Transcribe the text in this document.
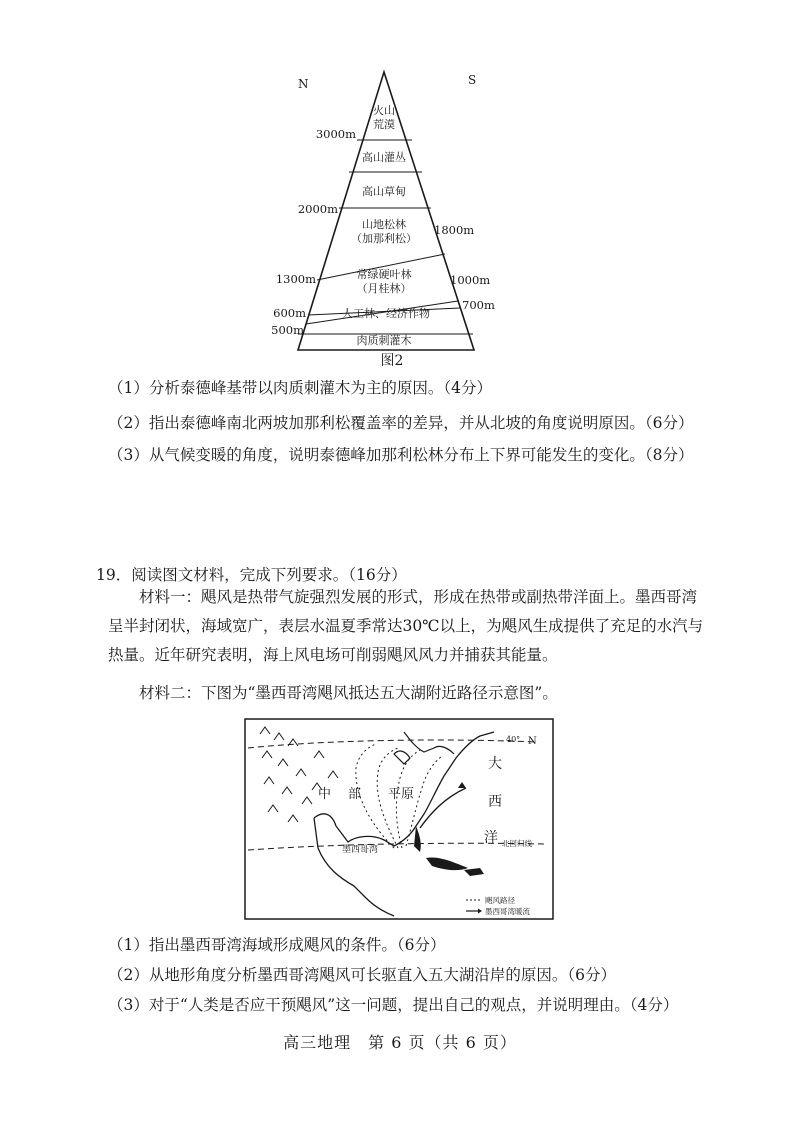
N	S
火山
荒漠
高山灌丛
高山草甸
山地松林
（加那利松）
常绿硬叶林
（月桂林）
人工林、经济作物
肉质刺灌木
3000m
2000m
1300m
600m
500m
1800m
1000m
700m
图2
（1）分析泰德峰基带以肉质刺灌木为主的原因。（4分）
（2）指出泰德峰南北两坡加那利松覆盖率的差异，并从北坡的角度说明原因。（6分）
（3）从气候变暖的角度，说明泰德峰加那利松林分布上下界可能发生的变化。（8分）
19．阅读图文材料，完成下列要求。（16分）
材料一：飓风是热带气旋强烈发展的形式，形成在热带或副热带洋面上。墨西哥湾呈半封闭状，海域宽广，表层水温夏季常达30℃以上，为飓风生成提供了充足的水汽与热量。近年研究表明，海上风电场可削弱飓风风力并捕获其能量。
材料二：下图为“墨西哥湾飓风抵达五大湖附近路径示意图”。
40° N
中 部 平原
大
西
洋 北回归线
墨西哥湾
飓风路径
墨西哥湾暖流
（1）指出墨西哥湾海域形成飓风的条件。（6分）
（2）从地形角度分析墨西哥湾飓风可长驱直入五大湖沿岸的原因。（6分）
（3）对于“人类是否应干预飓风”这一问题，提出自己的观点，并说明理由。（4分）
高三地理　第 6 页（共 6 页）
